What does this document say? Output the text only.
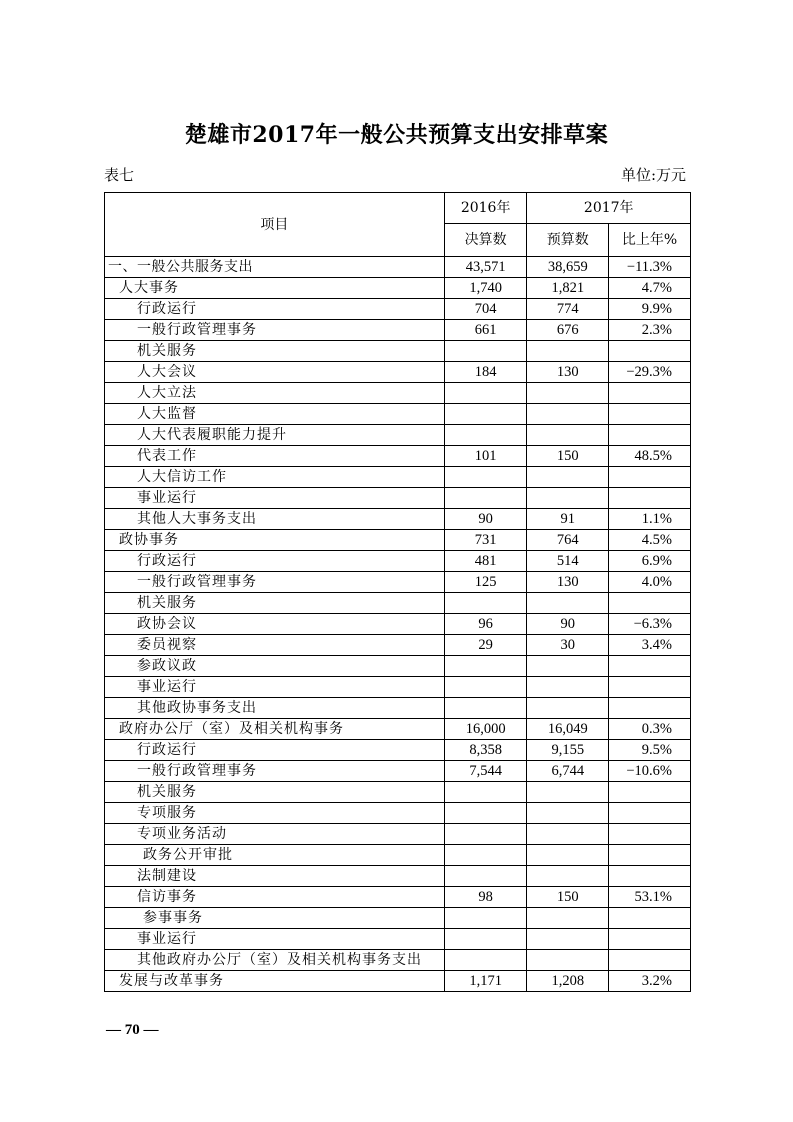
楚雄市2017年一般公共预算支出安排草案
表七	单位:万元
项目	2016年	2017年	
	决算数	预算数	比上年%
一、一般公共服务支出	43,571	38,659	−11.3%
人大事务	1,740	1,821	4.7%
行政运行	704	774	9.9%
一般行政管理事务	661	676	2.3%
机关服务			
人大会议	184	130	−29.3%
人大立法			
人大监督			
人大代表履职能力提升			
代表工作	101	150	48.5%
人大信访工作			
事业运行			
其他人大事务支出	90	91	1.1%
政协事务	731	764	4.5%
行政运行	481	514	6.9%
一般行政管理事务	125	130	4.0%
机关服务			
政协会议	96	90	−6.3%
委员视察	29	30	3.4%
参政议政			
事业运行			
其他政协事务支出			
政府办公厅（室）及相关机构事务	16,000	16,049	0.3%
行政运行	8,358	9,155	9.5%
一般行政管理事务	7,544	6,744	−10.6%
机关服务			
专项服务			
专项业务活动			
政务公开审批			
法制建设			
信访事务	98	150	53.1%
参事事务			
事业运行			
其他政府办公厅（室）及相关机构事务支出			
发展与改革事务	1,171	1,208	3.2%
— 70 —
